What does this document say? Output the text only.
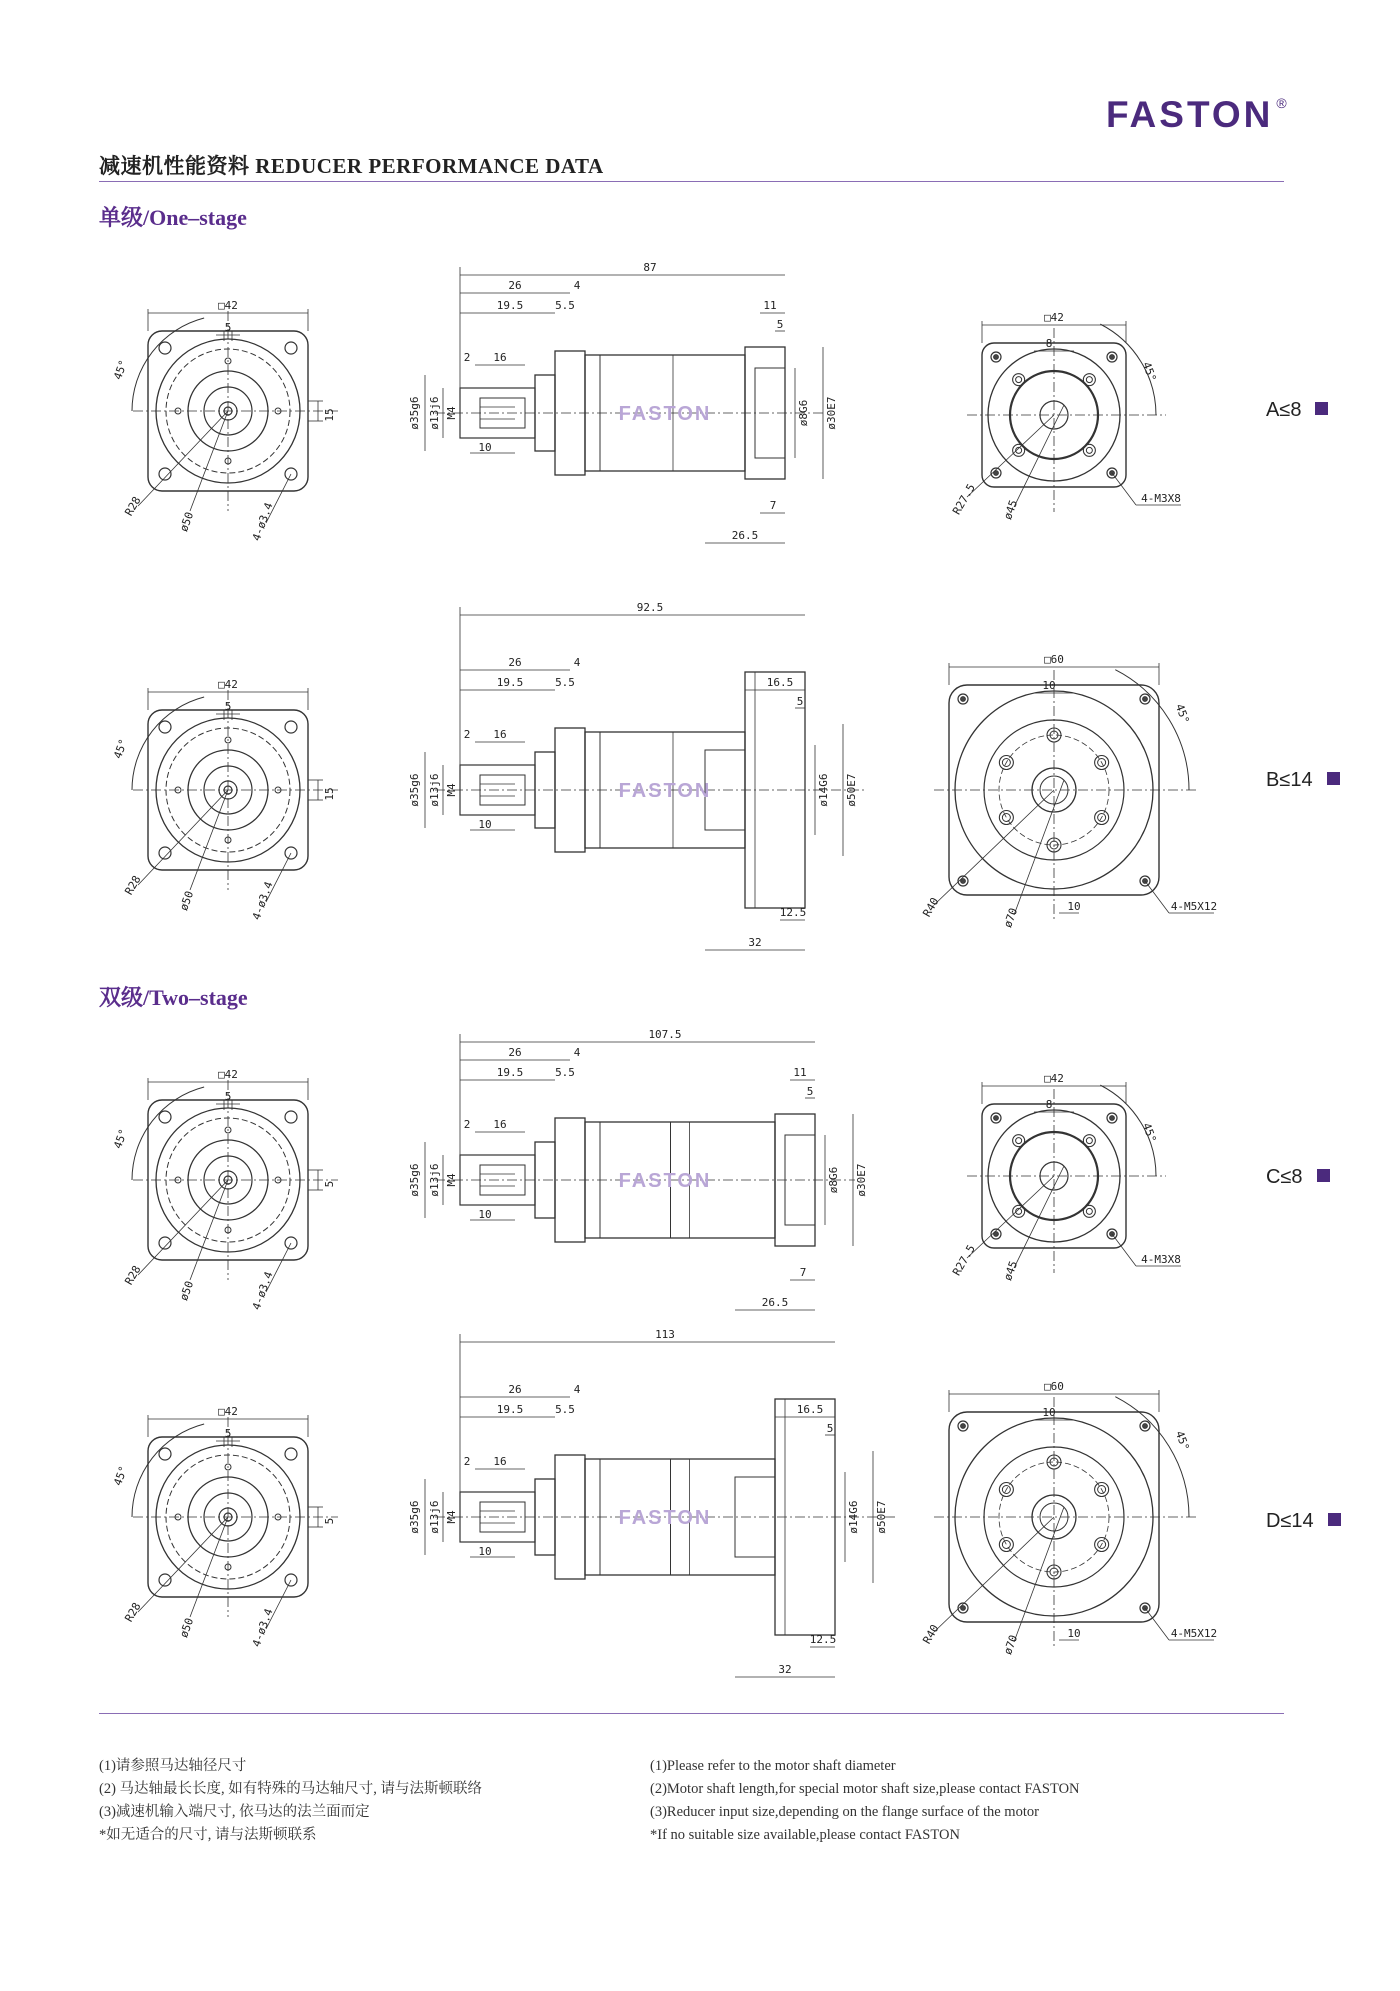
FASTON ®
减速机性能资料 REDUCER PERFORMANCE DATA
单级/One–stage
双级/Two–stage
□42
5
45°
15
R28
ø50	4-ø3.4
87
26	4
19.5	5.5
2 16
10
ø35g6 ø13j6 M4
11
5
ø8G6 ø30E7
7
26.5
FASTON
□42
8
45°
R27.5 ø45	4-M3X8
□42
5
45°
15
R28
ø50	4-ø3.4
92.5
26	4
19.5	5.5
2 16
10
ø35g6 ø13j6 M4
16.5
5
ø14G6 ø50E7
12.5
32
FASTON
□60
10
45°
R40	ø70	4-M5X12
10
□42
5
45°
5
R28
ø50	4-ø3.4
107.5
26	4
19.5	5.5
2 16
10
ø35g6 ø13j6 M4
11
5
ø8G6 ø30E7
7
26.5
FASTON
□42
8
45°
R27.5 ø45	4-M3X8
□42
5
45°
5
R28
ø50	4-ø3.4
113
26	4
19.5	5.5
2 16
10
ø35g6 ø13j6 M4
16.5
5
ø14G6 ø50E7
12.5
32
FASTON
□60
10
45°
R40	ø70	4-M5X12
10
A≤8
B≤14
C≤8
D≤14
(1)请参照马达轴径尺寸
(2) 马达轴最长长度, 如有特殊的马达轴尺寸, 请与法斯顿联络
(3)减速机输入端尺寸, 依马达的法兰面而定
*如无适合的尺寸, 请与法斯顿联系
(1)Please refer to the motor shaft diameter
(2)Motor shaft length,for special motor shaft size,please contact FASTON
(3)Reducer input size,depending on the flange surface of the motor
*If no suitable size available,please contact FASTON
